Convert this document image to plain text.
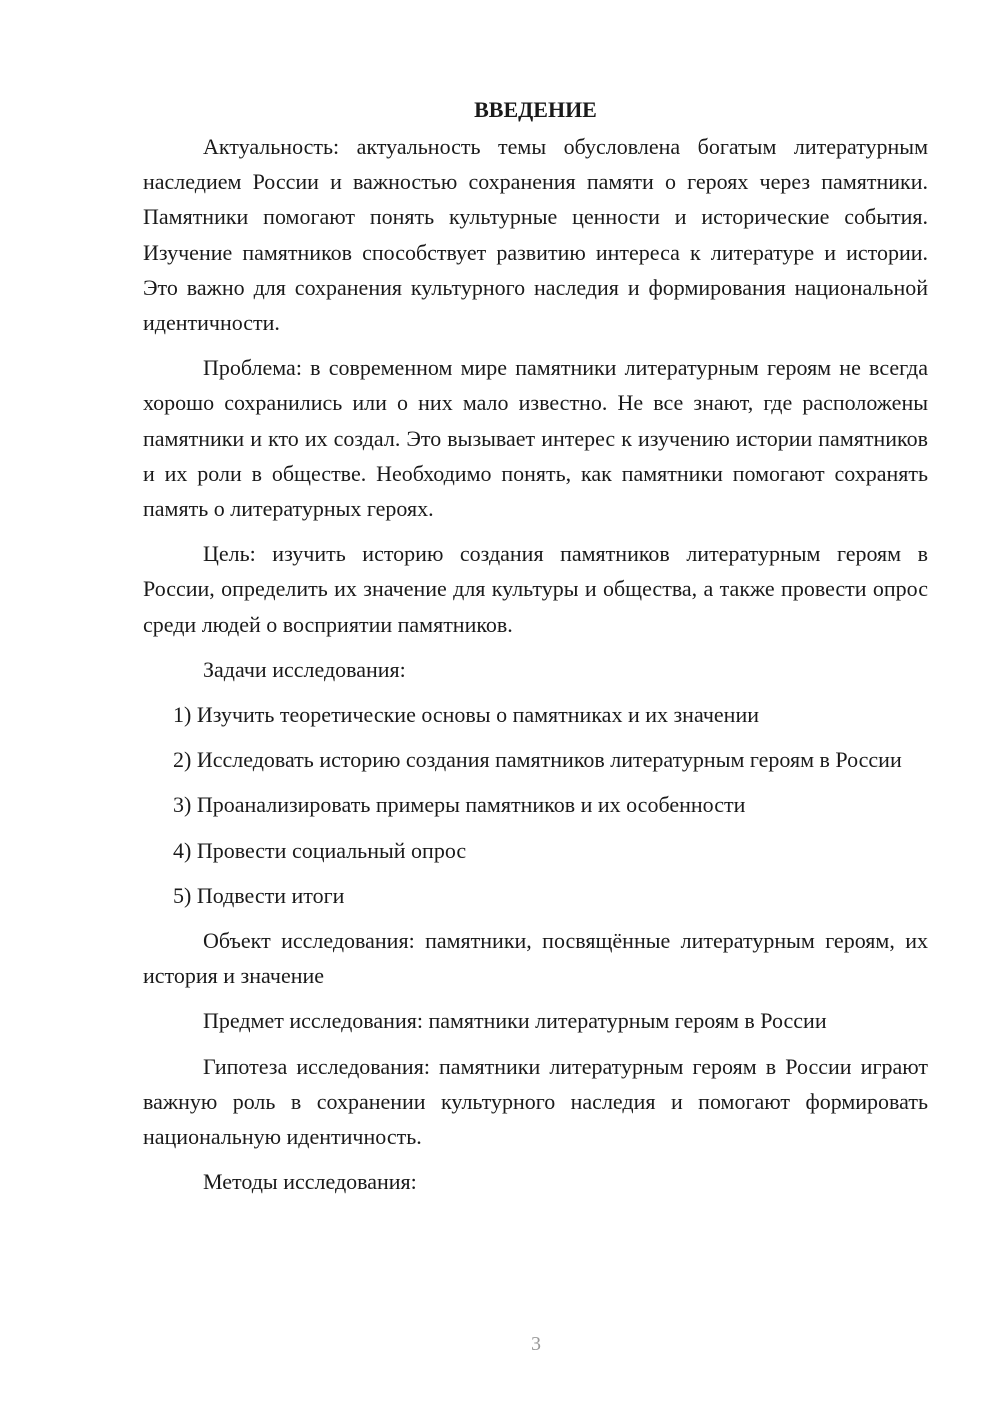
ВВЕДЕНИЕ

Актуальность: актуальность темы обусловлена богатым литературным наследием России и важностью сохранения памяти о героях через памятники. Памятники помогают понять культурные ценности и исторические события. Изучение памятников способствует развитию интереса к литературе и истории. Это важно для сохранения культурного наследия и формирования национальной идентичности.

Проблема: в современном мире памятники литературным героям не всегда хорошо сохранились или о них мало известно. Не все знают, где расположены памятники и кто их создал. Это вызывает интерес к изучению истории памятников и их роли в обществе. Необходимо понять, как памятники помогают сохранять память о литературных героях.

Цель: изучить историю создания памятников литературным героям в России, определить их значение для культуры и общества, а также провести опрос среди людей о восприятии памятников.

Задачи исследования:

1) Изучить теоретические основы о памятниках и их значении

2) Исследовать историю создания памятников литературным героям в России

3) Проанализировать примеры памятников и их особенности

4) Провести социальный опрос

5) Подвести итоги

Объект исследования: памятники, посвящённые литературным героям, их история и значение

Предмет исследования: памятники литературным героям в России

Гипотеза исследования: памятники литературным героям в России играют важную роль в сохранении культурного наследия и помогают формировать национальную идентичность.

Методы исследования:

3
